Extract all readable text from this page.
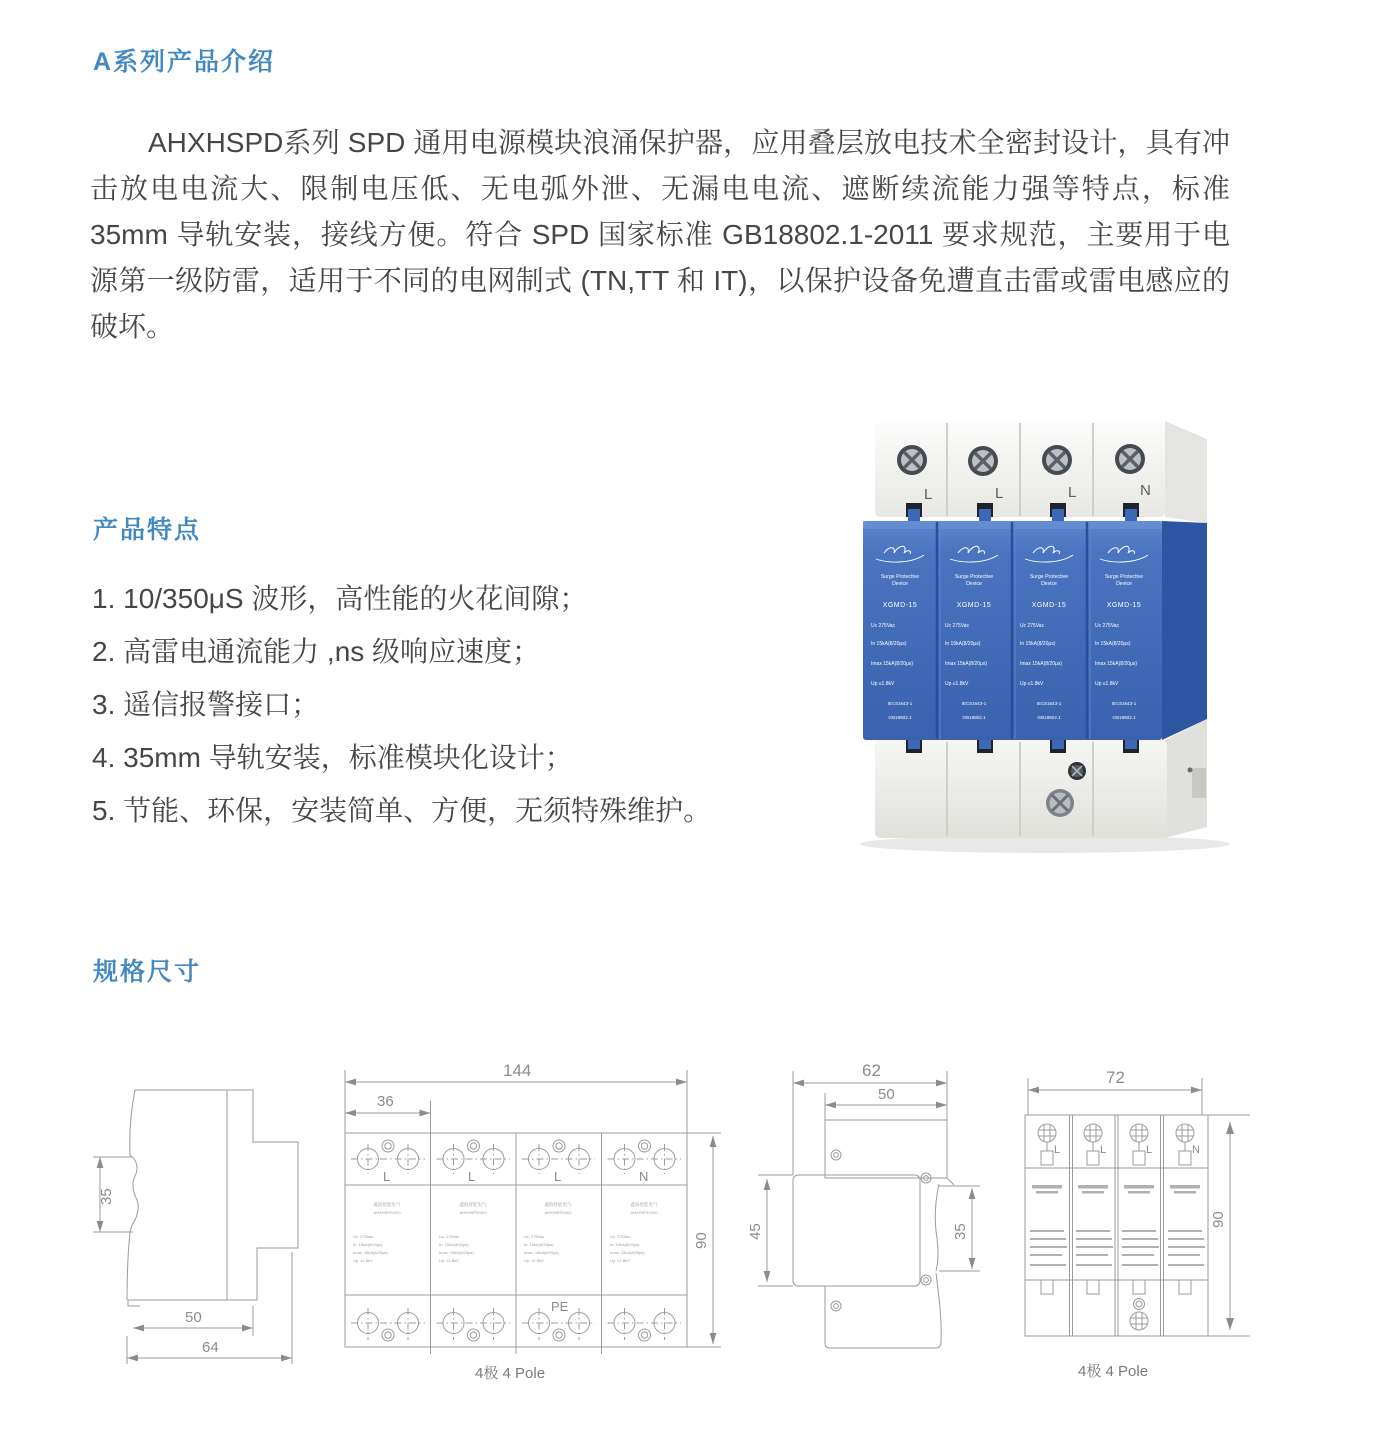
A系列产品介绍

AHXHSPD系列 SPD 通用电源模块浪涌保护器，应用叠层放电技术全密封设计，具有冲击放电电流大、限制电压低、无电弧外泄、无漏电电流、遮断续流能力强等特点，标准35mm 导轨安装，接线方便。符合 SPD 国家标准 GB18802.1-2011 要求规范，主要用于电源第一级防雷，适用于不同的电网制式 (TN,TT 和 IT)，以保护设备免遭直击雷或雷电感应的破坏。

产品特点
1. 10/350μS 波形，高性能的火花间隙；
2. 高雷电通流能力 ,ns 级响应速度；
3. 遥信报警接口；
4. 35mm 导轨安装，标准模块化设计；
5. 节能、环保，安装简单、方便，无须特殊维护。
L	L	L	N
Surge Protective
Device
XGMD-15
Uc 275Vac
In 15kA(8/20μs)
Imax 15kA(8/20μs)
Up ≤1.8kV
IEC61643-1
GB18802.1
Surge Protective
Device
XGMD-15
Uc 275Vac
In 15kA(8/20μs)
Imax 15kA(8/20μs)
Up ≤1.8kV
IEC61643-1
GB18802.1
Surge Protective
Device
XGMD-15
Uc 275Vac
In 15kA(8/20μs)
Imax 15kA(8/20μs)
Up ≤1.8kV
IEC61643-1
GB18802.1
Surge Protective
Device
XGMD-15
Uc 275Vac
In 15kA(8/20μs)
Imax 15kA(8/20μs)
Up ≤1.8kV
IEC61643-1
GB18802.1
规格尺寸
35
50
64
144
36
90
L	L	L	N
鑫海智能电气
AHXHSPD/400
Uc: 275Vac
In: 15kA(8/20μs)
Imax: 15kA(8/20μs)
Up: ≤1.8kV
鑫海智能电气
AHXHSPD/400
Uc: 275Vac
In: 15kA(8/20μs)
Imax: 15kA(8/20μs)
Up: ≤1.8kV
鑫海智能电气
AHXHSPD/400
Uc: 275Vac
In: 15kA(8/20μs)
Imax: 15kA(8/20μs)
Up: ≤1.8kV
鑫海智能电气
AHXHSPD/400
Uc: 275Vac
In: 15kA(8/20μs)
Imax: 15kA(8/20μs)
Up: ≤1.8kV
PE
4极 4 Pole
62
50
45	35
72
90
L	L	L	N
4极 4 Pole
